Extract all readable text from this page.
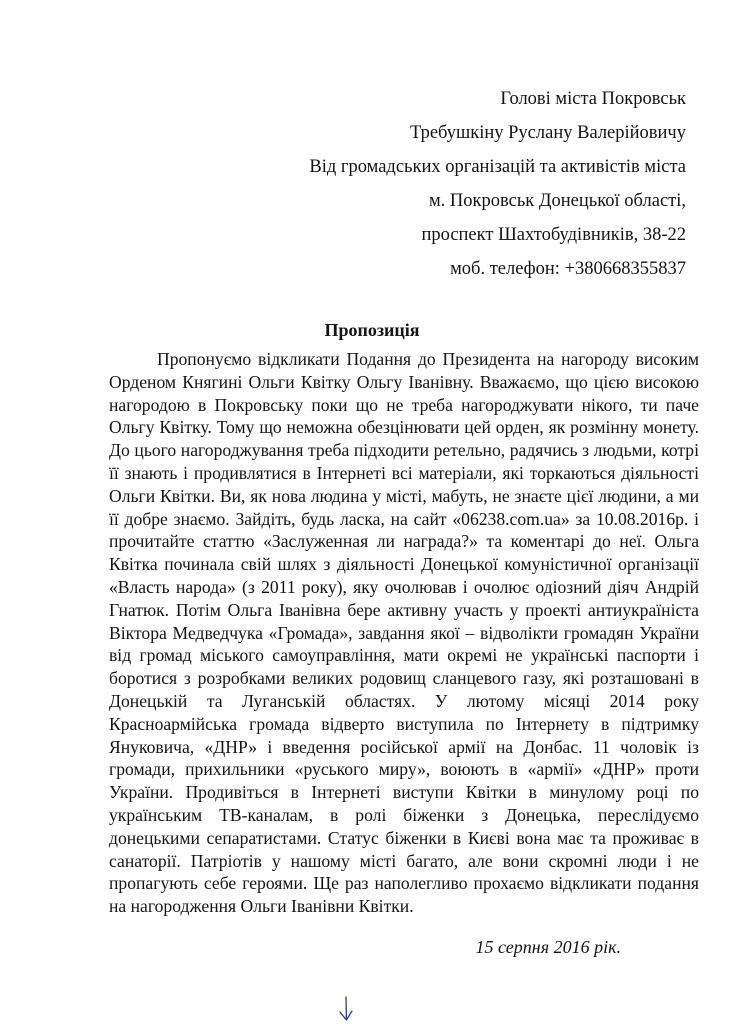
Голові міста Покровськ
Требушкіну Руслану Валерійовичу
Від громадських організацій та активістів міста
м. Покровськ Донецької області,
проспект Шахтобудівників, 38-22
моб. телефон: +380668355837
Пропозиція

Пропонуємо відкликати Подання до Президента на нагороду високим Орденом Княгині Ольги Квітку Ольгу Іванівну. Вважаємо, що цією високою нагородою в Покровську поки що не треба нагороджувати нікого, ти паче Ольгу Квітку. Тому що неможна обезцінювати цей орден, як розмінну монету. До цього нагороджування треба підходити ретельно, радячись з людьми, котрі її знають і продивлятися в Інтернеті всі матеріали, які торкаються діяльності Ольги Квітки. Ви, як нова людина у місті, мабуть, не знаєте цієї людини, а ми її добре знаємо. Зайдіть, будь ласка, на сайт «06238.com.ua» за 10.08.2016р. і прочитайте статтю «Заслуженная ли награда?» та коментарі до неї. Ольга Квітка починала свій шлях з діяльності Донецької комуністичної організації «Власть народа» (з 2011 року), яку очолював і очолює одіозний діяч Андрій Гнатюк. Потім Ольга Іванівна бере активну участь у проекті антиукраїніста Віктора Медведчука «Громада», завдання якої – відволікти громадян України від громад міського самоуправління, мати окремі не українські паспорти і боротися з розробками великих родовищ сланцевого газу, які розташовані в Донецькій та Луганській областях. У лютому місяці 2014 року Красноармійська громада відверто виступила по Інтернету в підтримку Януковича, «ДНР» і введення російської армії на Донбас. 11 чоловік із громади, прихильники «руського миру», воюють в «армії» «ДНР» проти України. Продивіться в Інтернеті виступи Квітки в минулому році по українським ТВ-каналам, в ролі біженки з Донецька, переслідуємо донецькими сепаратистами. Статус біженки в Києві вона має та проживає в санаторії. Патріотів у нашому місті багато, але вони скромні люди і не пропагують себе героями. Ще раз наполегливо прохаємо відкликати подання на нагородження Ольги Іванівни Квітки.

15 серпня 2016 рік.
